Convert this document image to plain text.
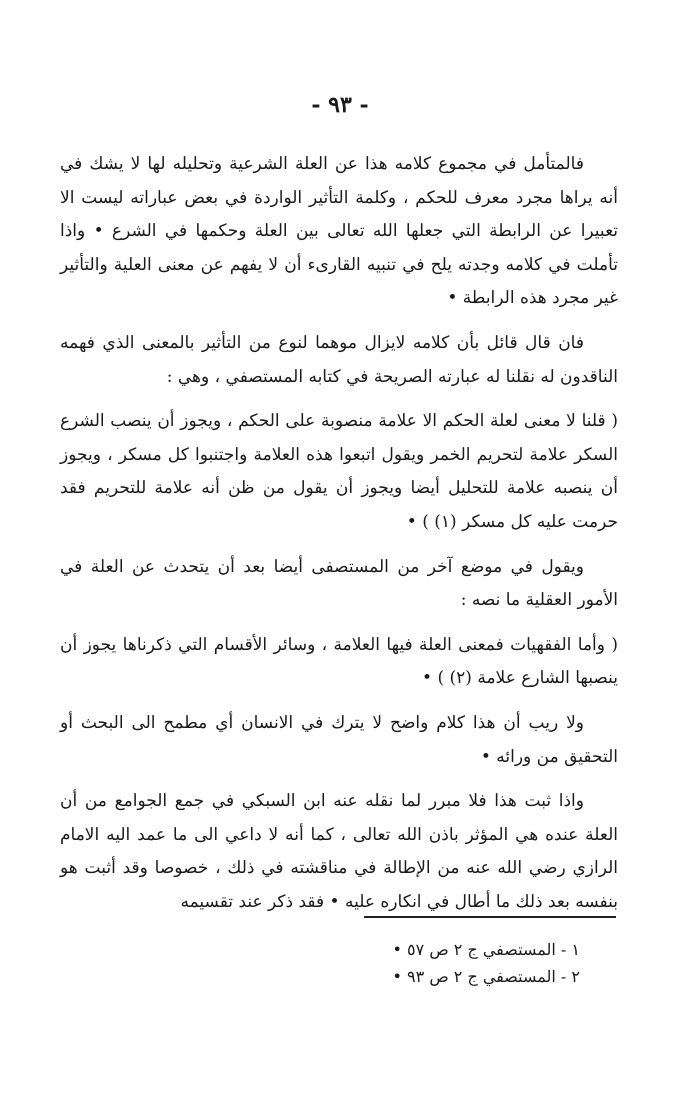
- ٩٣ -

فالمتأمل في مجموع كلامه هذا عن العلة الشرعية وتحليله لها لا يشك في أنه يراها مجرد معرف للحكم ، وكلمة التأثير الواردة في بعض عباراته ليست الا تعبيرا عن الرابطة التي جعلها الله تعالى بين العلة وحكمها في الشرع • واذا تأملت في كلامه وجدته يلح في تنبيه القارىء أن لا يفهم عن معنى العلية والتأثير غير مجرد هذه الرابطة •

فان قال قائل بأن كلامه لايزال موهما لنوع من التأثير بالمعنى الذي فهمه الناقدون له نقلنا له عبارته الصريحة في كتابه المستصفي ، وهي :

( قلنا لا معنى لعلة الحكم الا علامة منصوبة على الحكم ، ويجوز أن ينصب الشرع السكر علامة لتحريم الخمر ويقول اتبعوا هذه العلامة واجتنبوا كل مسكر ، ويجوز أن ينصبه علامة للتحليل أيضا ويجوز أن يقول من ظن أنه علامة للتحريم فقد حرمت عليه كل مسكر (١) ) •

ويقول في موضع آخر من المستصفى أيضا بعد أن يتحدث عن العلة في الأمور العقلية ما نصه :

( وأما الفقهيات فمعنى العلة فيها العلامة ، وسائر الأقسام التي ذكرناها يجوز أن ينصبها الشارع علامة (٢) ) •

ولا ريب أن هذا كلام واضح لا يترك في الانسان أي مطمح الى البحث أو التحقيق من ورائه •

واذا ثبت هذا فلا مبرر لما نقله عنه ابن السبكي في جمع الجوامع من أن العلة عنده هي المؤثر باذن الله تعالى ، كما أنه لا داعي الى ما عمد اليه الامام الرازي رضي الله عنه من الإطالة في مناقشته في ذلك ، خصوصا وقد أثبت هو بنفسه بعد ذلك ما أطال في انكاره عليه • فقد ذكر عند تقسيمه

١ - المستصفي ج ٢ ص ٥٧ •

٢ - المستصفي ج ٢ ص ٩٣ •
